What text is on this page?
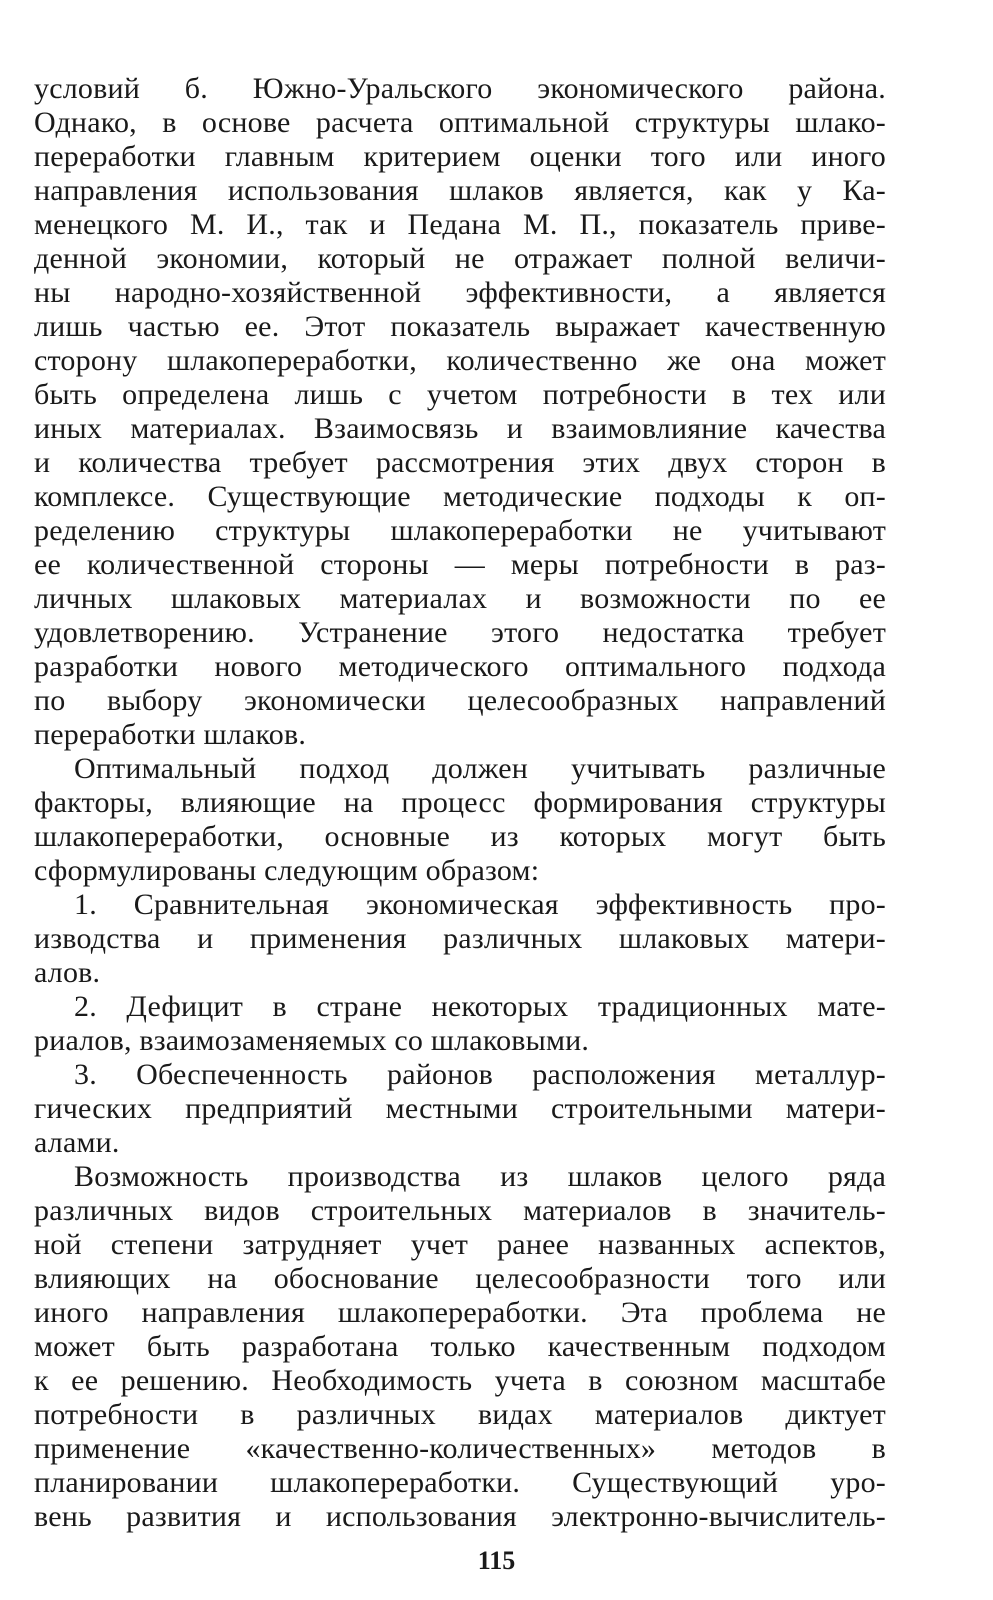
условий б. Южно-Уральского экономического района.
Однако, в основе расчета оптимальной структуры шлако-
переработки главным критерием оценки того или иного
направления использования шлаков является, как у Ка-
менецкого М. И., так и Педана М. П., показатель приве-
денной экономии, который не отражает полной величи-
ны народно-хозяйственной эффективности, а является
лишь частью ее. Этот показатель выражает качественную
сторону шлакопереработки, количественно же она может
быть определена лишь с учетом потребности в тех или
иных материалах. Взаимосвязь и взаимовлияние качества
и количества требует рассмотрения этих двух сторон в
комплексе. Существующие методические подходы к оп-
ределению структуры шлакопереработки не учитывают
ее количественной стороны — меры потребности в раз-
личных шлаковых материалах и возможности по ее
удовлетворению. Устранение этого недостатка требует
разработки нового методического оптимального подхода
по выбору экономически целесообразных направлений
переработки шлаков.
Оптимальный подход должен учитывать различные
факторы, влияющие на процесс формирования структуры
шлакопереработки, основные из которых могут быть
сформулированы следующим образом:
1. Сравнительная экономическая эффективность про-
изводства и применения различных шлаковых матери-
алов.
2. Дефицит в стране некоторых традиционных мате-
риалов, взаимозаменяемых со шлаковыми.
3. Обеспеченность районов расположения металлур-
гических предприятий местными строительными матери-
алами.
Возможность производства из шлаков целого ряда
различных видов строительных материалов в значитель-
ной степени затрудняет учет ранее названных аспектов,
влияющих на обоснование целесообразности того или
иного направления шлакопереработки. Эта проблема не
может быть разработана только качественным подходом
к ее решению. Необходимость учета в союзном масштабе
потребности в различных видах материалов диктует
применение «качественно-количественных» методов в
планировании шлакопереработки. Существующий уро-
вень развития и использования электронно-вычислитель-
115
